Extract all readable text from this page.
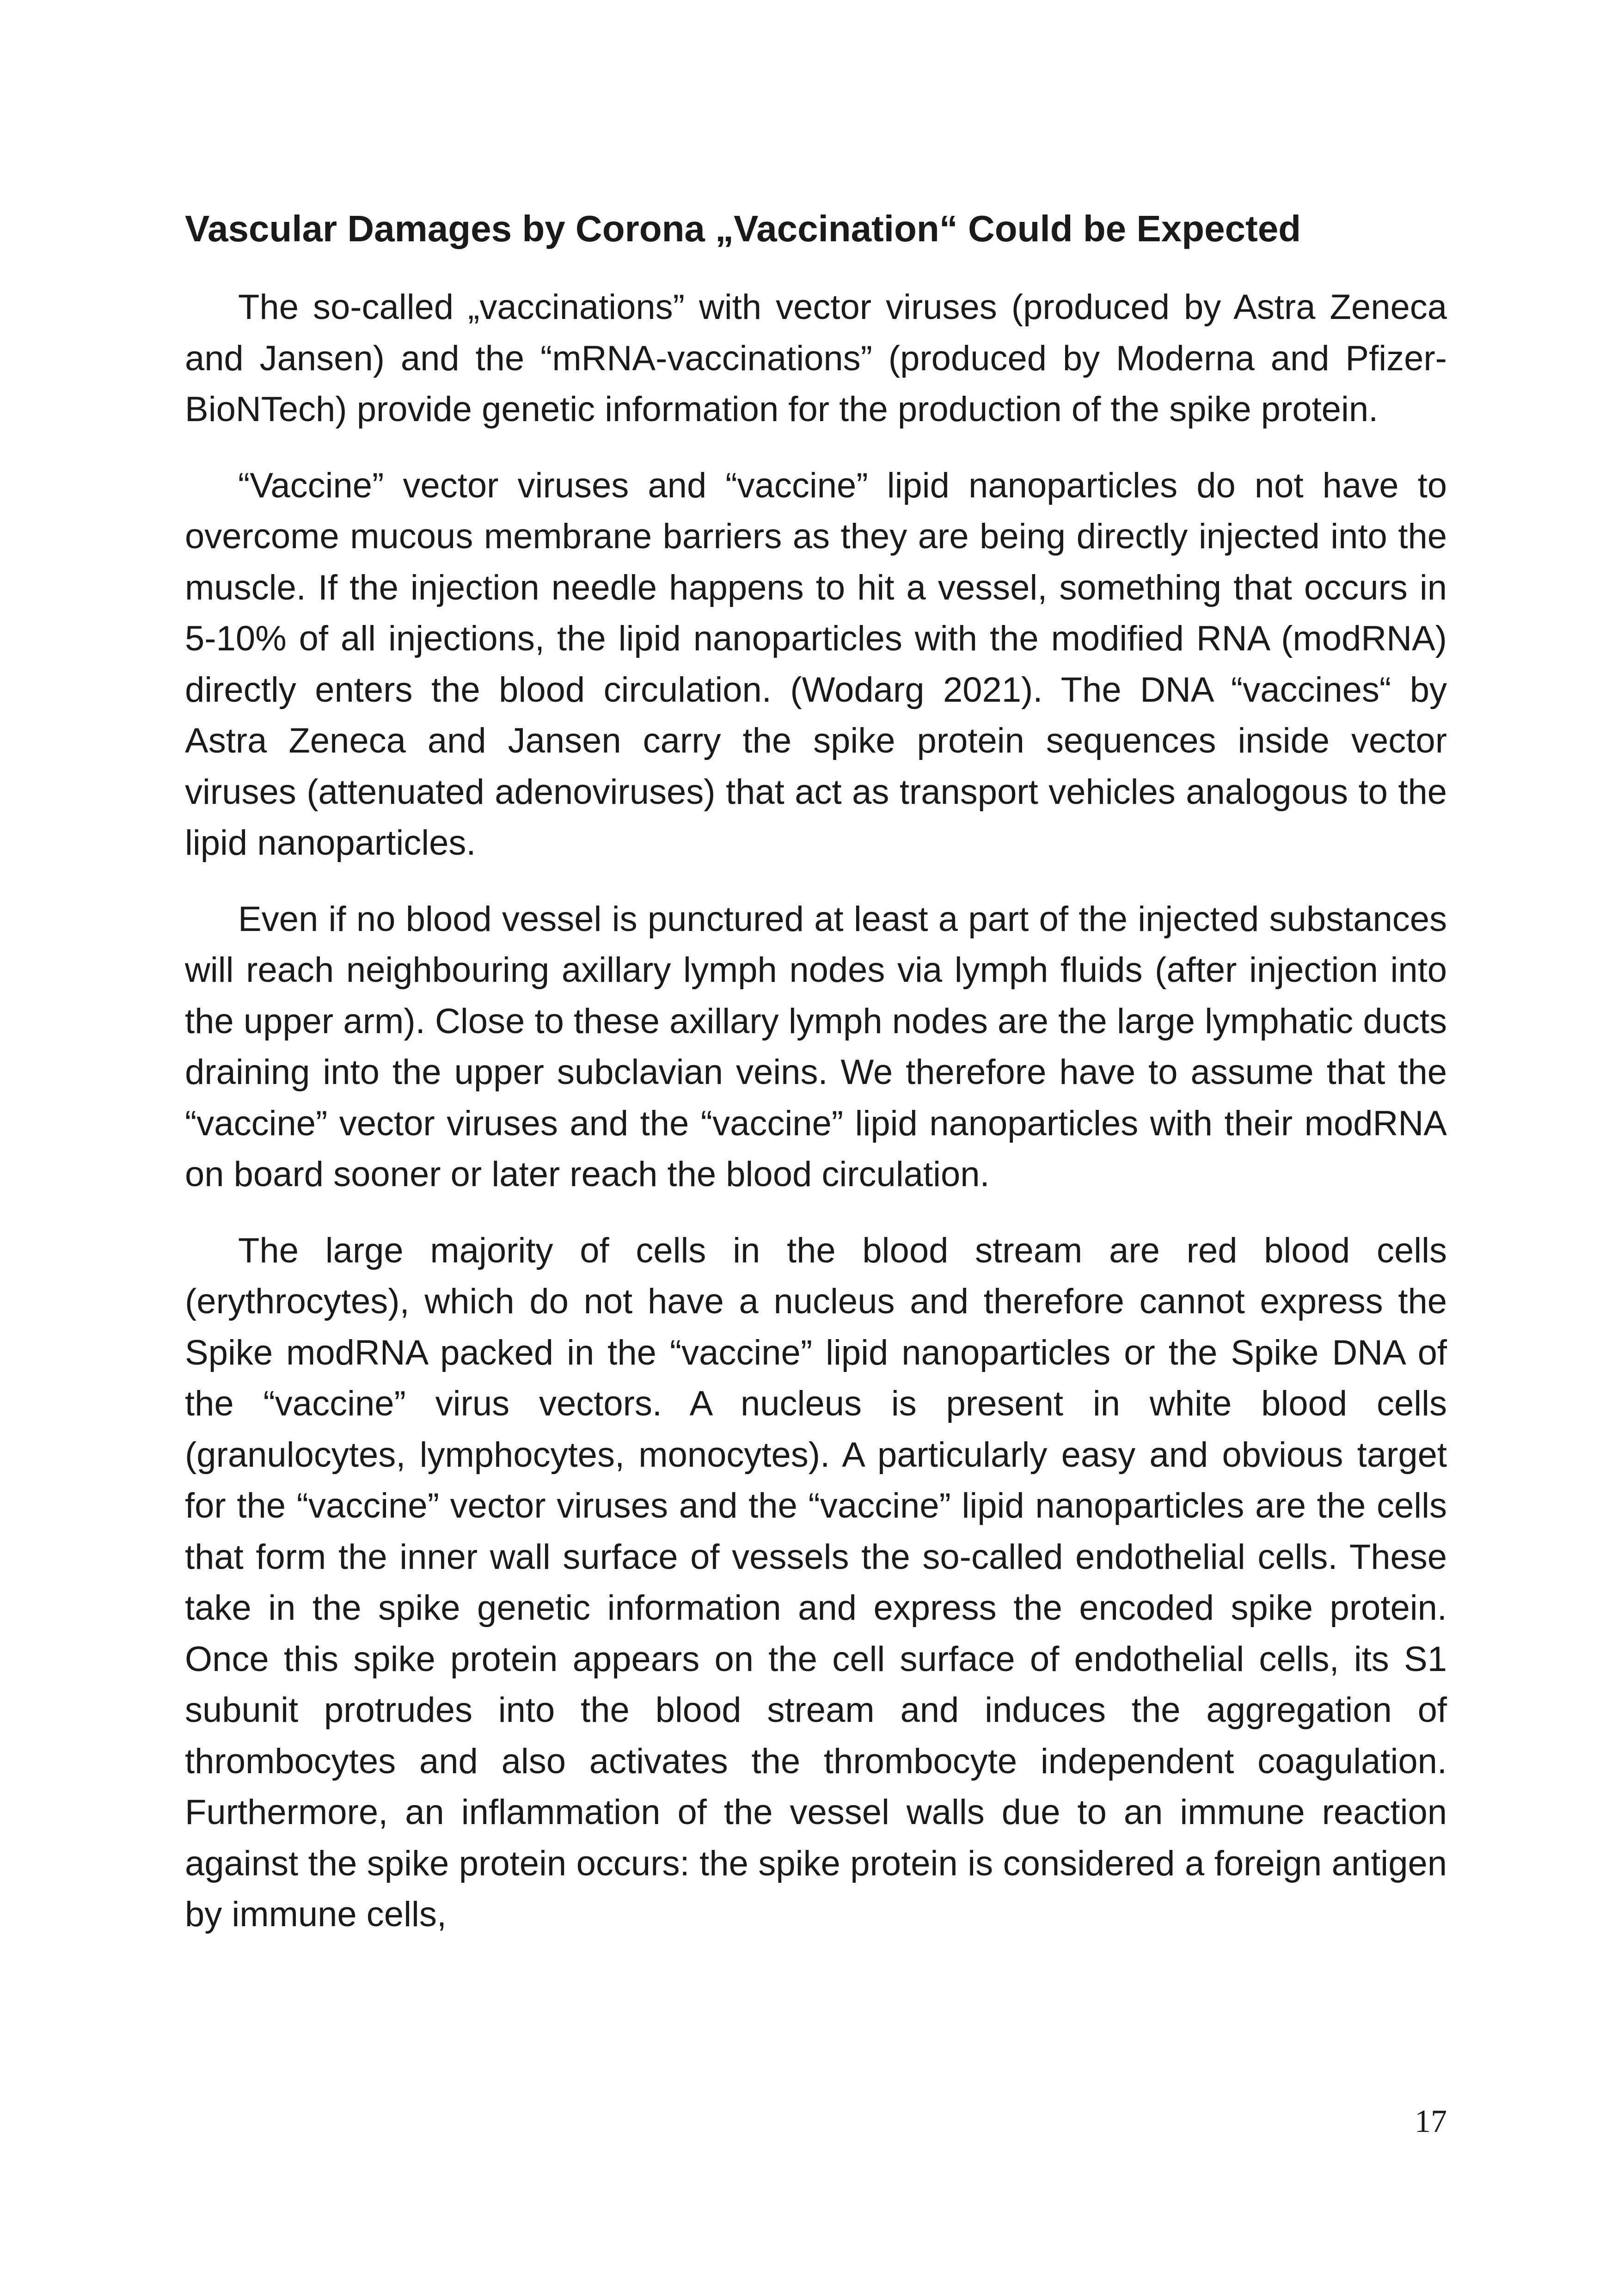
Vascular Damages by Corona „Vaccination“ Could be Expected

The so-called „vaccinations” with vector viruses (produced by Astra Zeneca and Jansen) and the “mRNA-vaccinations” (produced by Moderna and Pfizer-BioNTech) provide genetic information for the production of the spike protein.

“Vaccine” vector viruses and “vaccine” lipid nanoparticles do not have to overcome mucous membrane barriers as they are being directly injected into the muscle. If the injection needle happens to hit a vessel, something that occurs in 5-10% of all injections, the lipid nanoparticles with the modified RNA (modRNA) directly enters the blood circulation. (Wodarg 2021). The DNA “vaccines“ by Astra Zeneca and Jansen carry the spike protein sequences inside vector viruses (attenuated adenoviruses) that act as transport vehicles analogous to the lipid nanoparticles.

Even if no blood vessel is punctured at least a part of the injected substances will reach neighbouring axillary lymph nodes via lymph fluids (after injection into the upper arm). Close to these axillary lymph nodes are the large lymphatic ducts draining into the upper subclavian veins. We therefore have to assume that the “vaccine” vector viruses and the “vaccine” lipid nanoparticles with their modRNA on board sooner or later reach the blood circulation.

The large majority of cells in the blood stream are red blood cells (erythrocytes), which do not have a nucleus and therefore cannot express the Spike modRNA packed in the “vaccine” lipid nanoparticles or the Spike DNA of the “vaccine” virus vectors. A nucleus is present in white blood cells (granulocytes, lymphocytes, monocytes). A particularly easy and obvious target for the “vaccine” vector viruses and the “vaccine” lipid nanoparticles are the cells that form the inner wall surface of vessels the so-called endothelial cells. These take in the spike genetic information and express the encoded spike protein. Once this spike protein appears on the cell surface of endothelial cells, its S1 subunit protrudes into the blood stream and induces the aggregation of thrombocytes and also activates the thrombocyte independent coagulation. Furthermore, an inflammation of the vessel walls due to an immune reaction against the spike protein occurs: the spike protein is considered a foreign antigen by immune cells,

17
